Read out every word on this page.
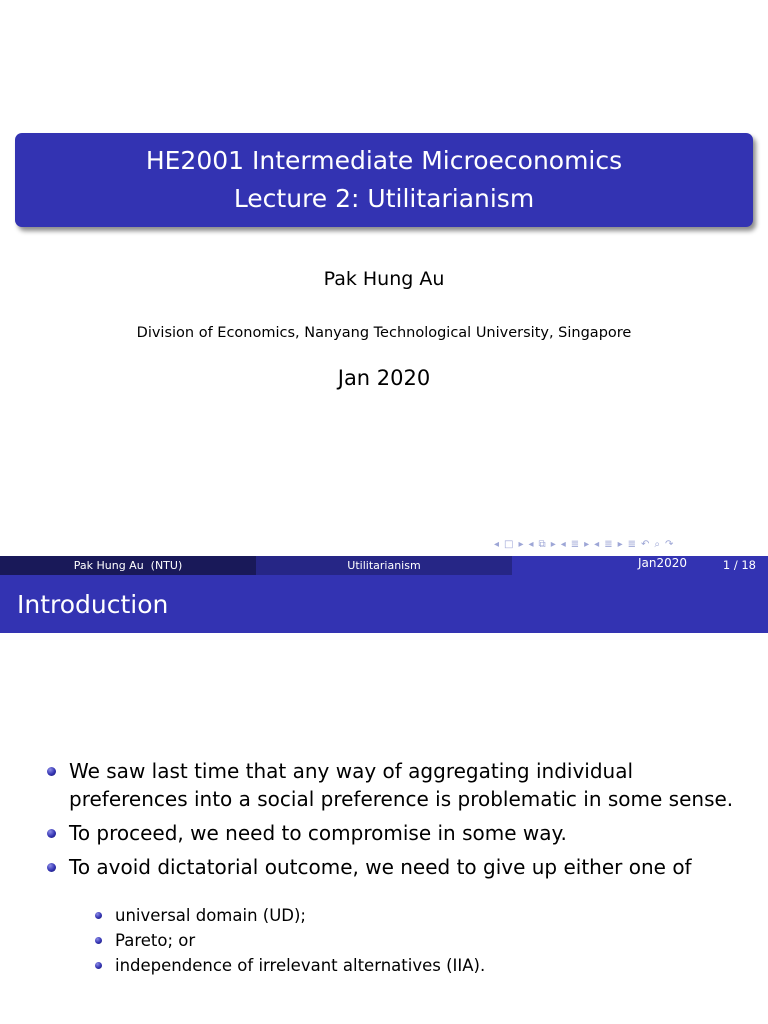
HE2001 Intermediate Microeconomics
Lecture 2: Utilitarianism
Pak Hung Au
Division of Economics, Nanyang Technological University, Singapore
Jan 2020
◂ □ ▸ ◂ ⧉ ▸ ◂ ≣ ▸ ◂ ≣ ▸ ≣ ↶ ⌕ ↷
Pak Hung Au  (NTU)	Utilitarianism	Jan2020	1 / 18
Introduction
We saw last time that any way of aggregating individual preferences into a social preference is problematic in some sense.
To proceed, we need to compromise in some way.
To avoid dictatorial outcome, we need to give up either one of
universal domain (UD);
Pareto; or
independence of irrelevant alternatives (IIA).
